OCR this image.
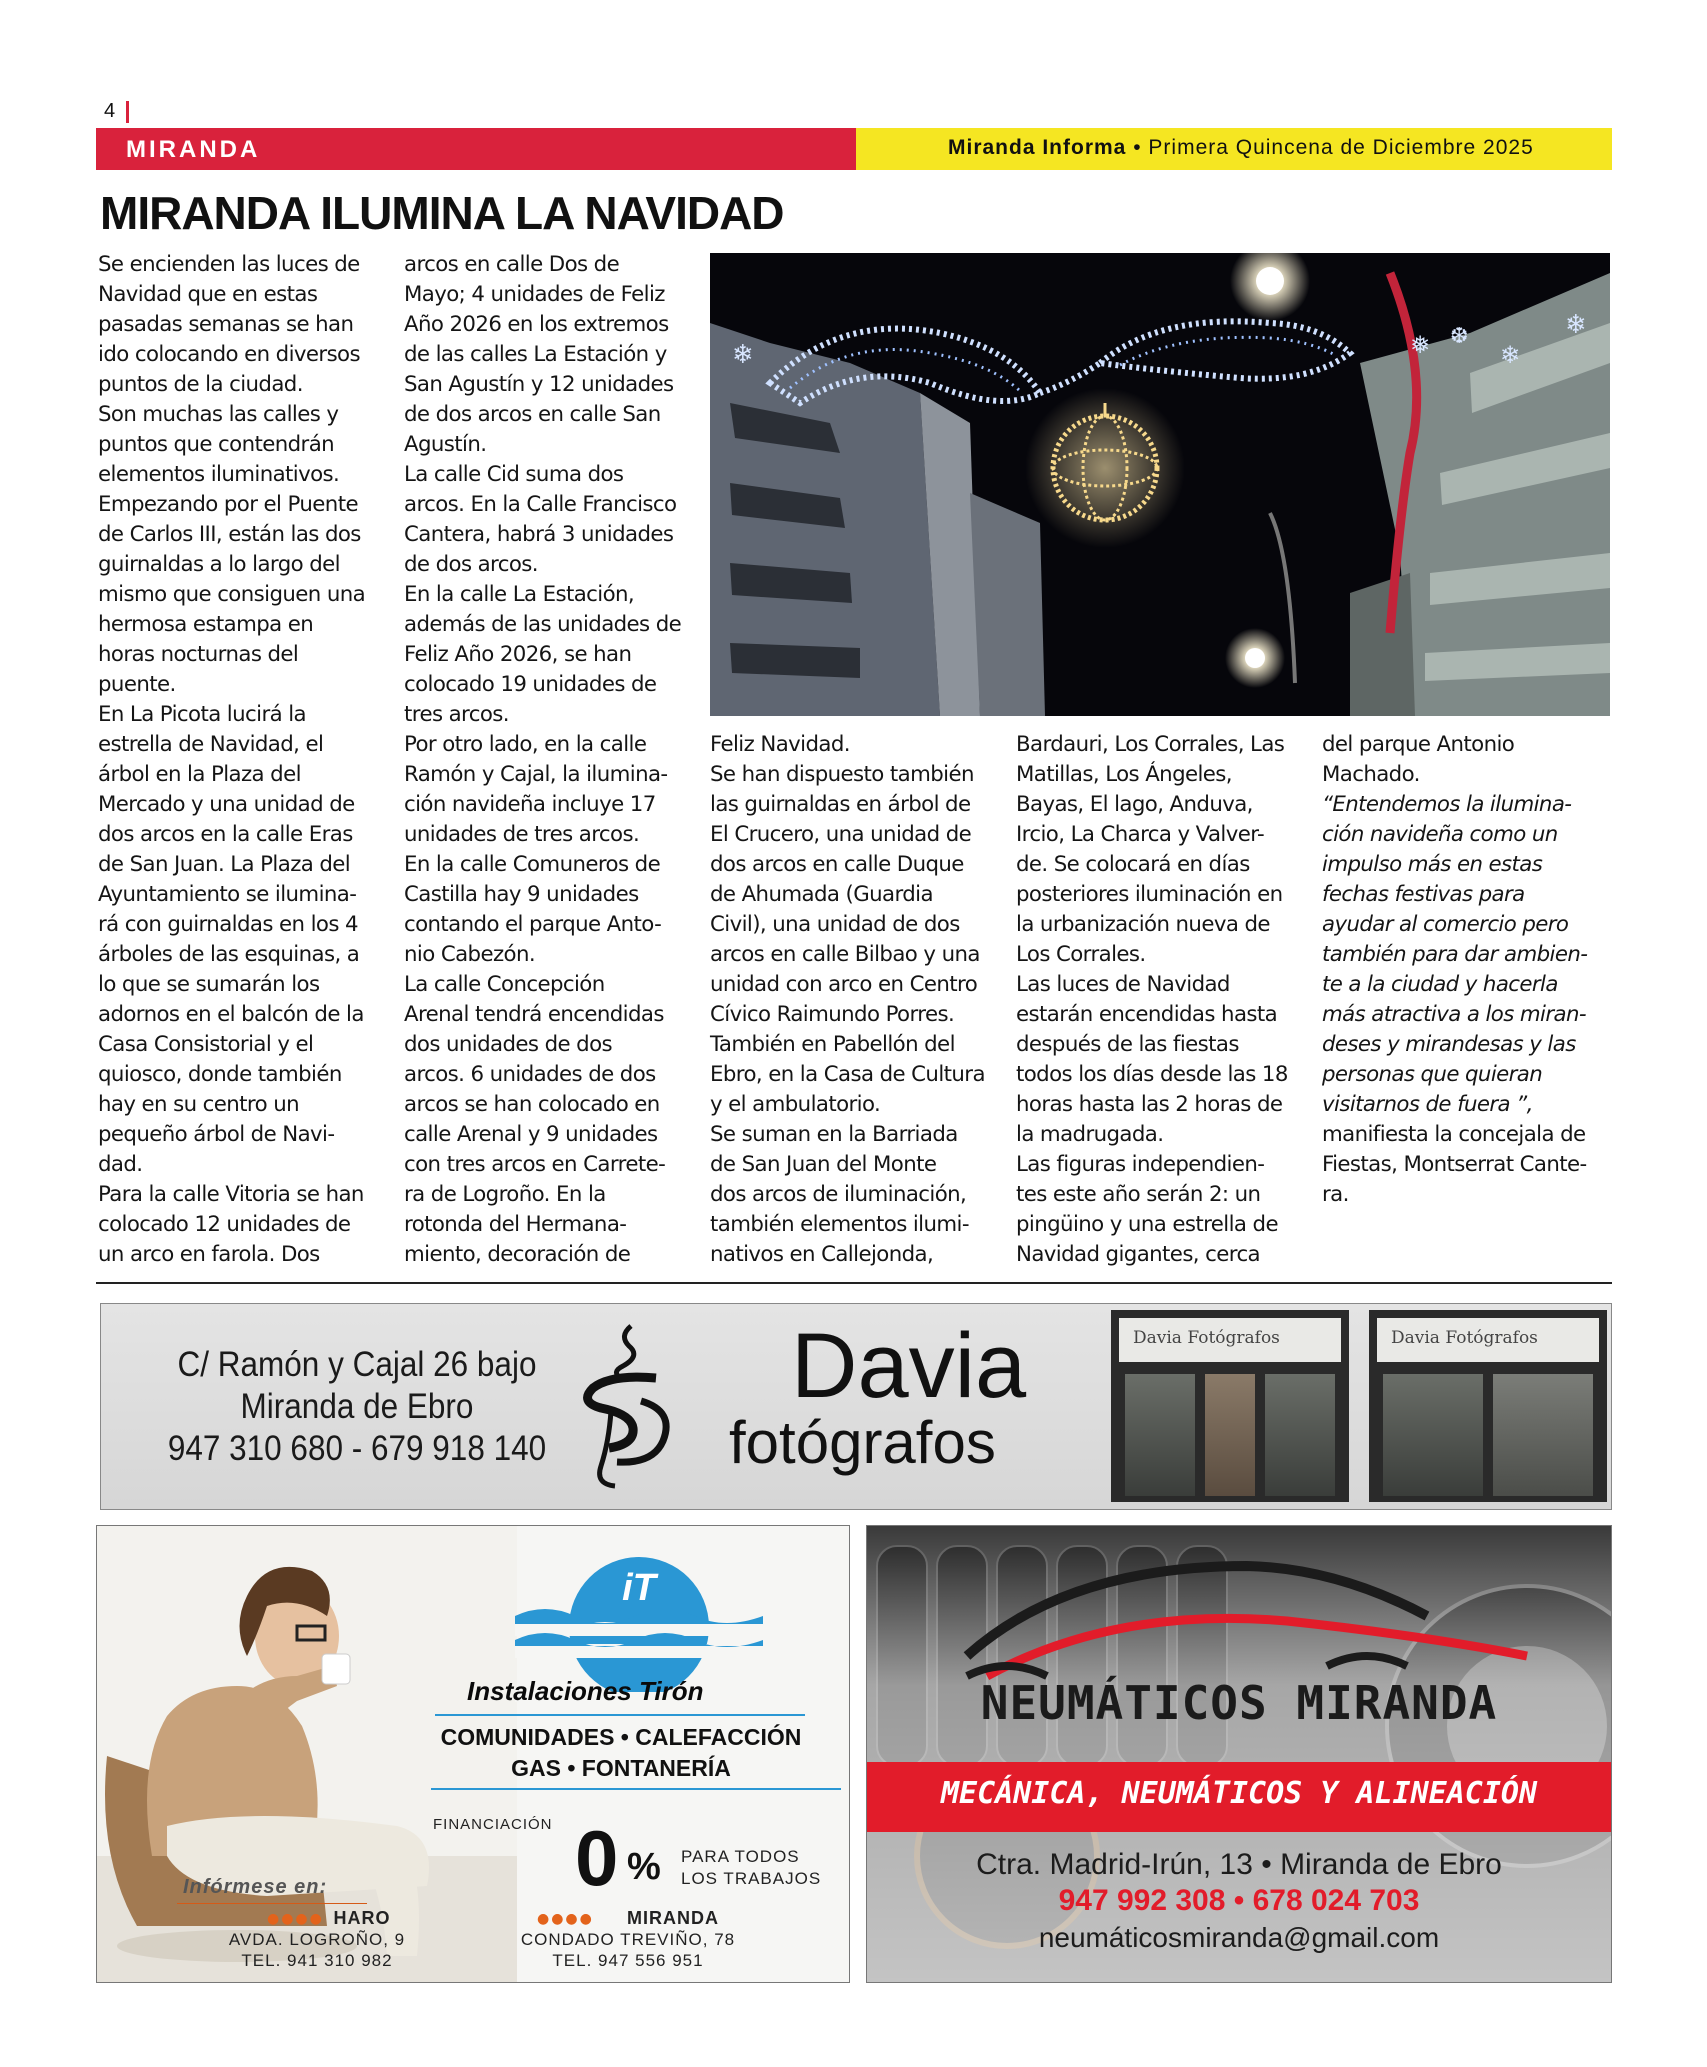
4
MIRANDA	Miranda Informa • Primera Quincena de Diciembre 2025
MIRANDA ILUMINA LA NAVIDAD

Se encienden las luces de
Navidad que en estas
pasadas semanas se han
ido colocando en diversos
puntos de la ciudad.

Son muchas las calles y
puntos que contendrán
elementos iluminativos.

Empezando por el Puente
de Carlos III, están las dos
guirnaldas a lo largo del
mismo que consiguen una
hermosa estampa en
horas nocturnas del
puente.

En La Picota lucirá la
estrella de Navidad, el
árbol en la Plaza del
Mercado y una unidad de
dos arcos en la calle Eras
de San Juan. La Plaza del
Ayuntamiento se ilumina-
rá con guirnaldas en los 4
árboles de las esquinas, a
lo que se sumarán los
adornos en el balcón de la
Casa Consistorial y el
quiosco, donde también
hay en su centro un
pequeño árbol de Navi-
dad.

Para la calle Vitoria se han
colocado 12 unidades de
un arco en farola. Dos

arcos en calle Dos de
Mayo; 4 unidades de Feliz
Año 2026 en los extremos
de las calles La Estación y
San Agustín y 12 unidades
de dos arcos en calle San
Agustín.

La calle Cid suma dos
arcos. En la Calle Francisco
Cantera, habrá 3 unidades
de dos arcos.

En la calle La Estación,
además de las unidades de
Feliz Año 2026, se han
colocado 19 unidades de
tres arcos.

Por otro lado, en la calle
Ramón y Cajal, la ilumina-
ción navideña incluye 17
unidades de tres arcos.

En la calle Comuneros de
Castilla hay 9 unidades
contando el parque Anto-
nio Cabezón.

La calle Concepción
Arenal tendrá encendidas
dos unidades de dos
arcos. 6 unidades de dos
arcos se han colocado en
calle Arenal y 9 unidades
con tres arcos en Carrete-
ra de Logroño. En la
rotonda del Hermana-
miento, decoración de

Feliz Navidad.

Se han dispuesto también
las guirnaldas en árbol de
El Crucero, una unidad de
dos arcos en calle Duque
de Ahumada (Guardia
Civil), una unidad de dos
arcos en calle Bilbao y una
unidad con arco en Centro
Cívico Raimundo Porres.

También en Pabellón del
Ebro, en la Casa de Cultura
y el ambulatorio.

Se suman en la Barriada
de San Juan del Monte
dos arcos de iluminación,
también elementos ilumi-
nativos en Callejonda,

Bardauri, Los Corrales, Las
Matillas, Los Ángeles,
Bayas, El lago, Anduva,
Ircio, La Charca y Valver-
de. Se colocará en días
posteriores iluminación en
la urbanización nueva de
Los Corrales.

Las luces de Navidad
estarán encendidas hasta
después de las fiestas
todos los días desde las 18
horas hasta las 2 horas de
la madrugada.

Las figuras independien-
tes este año serán 2: un
pingüino y una estrella de
Navidad gigantes, cerca

del parque Antonio
Machado.

“Entendemos la ilumina-
ción navideña como un
impulso más en estas
fechas festivas para
ayudar al comercio pero
también para dar ambien-
te a la ciudad y hacerla
más atractiva a los miran-
deses y mirandesas y las
personas que quieran
visitarnos de fuera ”,

manifiesta la concejala de
Fiestas, Montserrat Cante-
ra.

❄	❅ ❆
❄
❄
C/ Ramón y Cajal 26 bajo
Miranda de Ebro
947 310 680 - 679 918 140
Davia
fotógrafos
Davia Fotógrafos	Davia Fotógrafos
iT
Instalaciones Tirón
COMUNIDADES • CALEFACCIÓN
GAS • FONTANERÍA
FINANCIACIÓN 0 % PARA TODOS
LOS TRABAJOS
Infórmese en:
●●●●	●●●●
HARO
AVDA. LOGROÑO, 9
TEL. 941 310 982
MIRANDA
CONDADO TREVIÑO, 78
TEL. 947 556 951
NEUMÁTICOS MIRANDA
MECÁNICA, NEUMÁTICOS Y ALINEACIÓN
Ctra. Madrid-Irún, 13 • Miranda de Ebro
947 992 308 • 678 024 703
neumáticosmiranda@gmail.com
